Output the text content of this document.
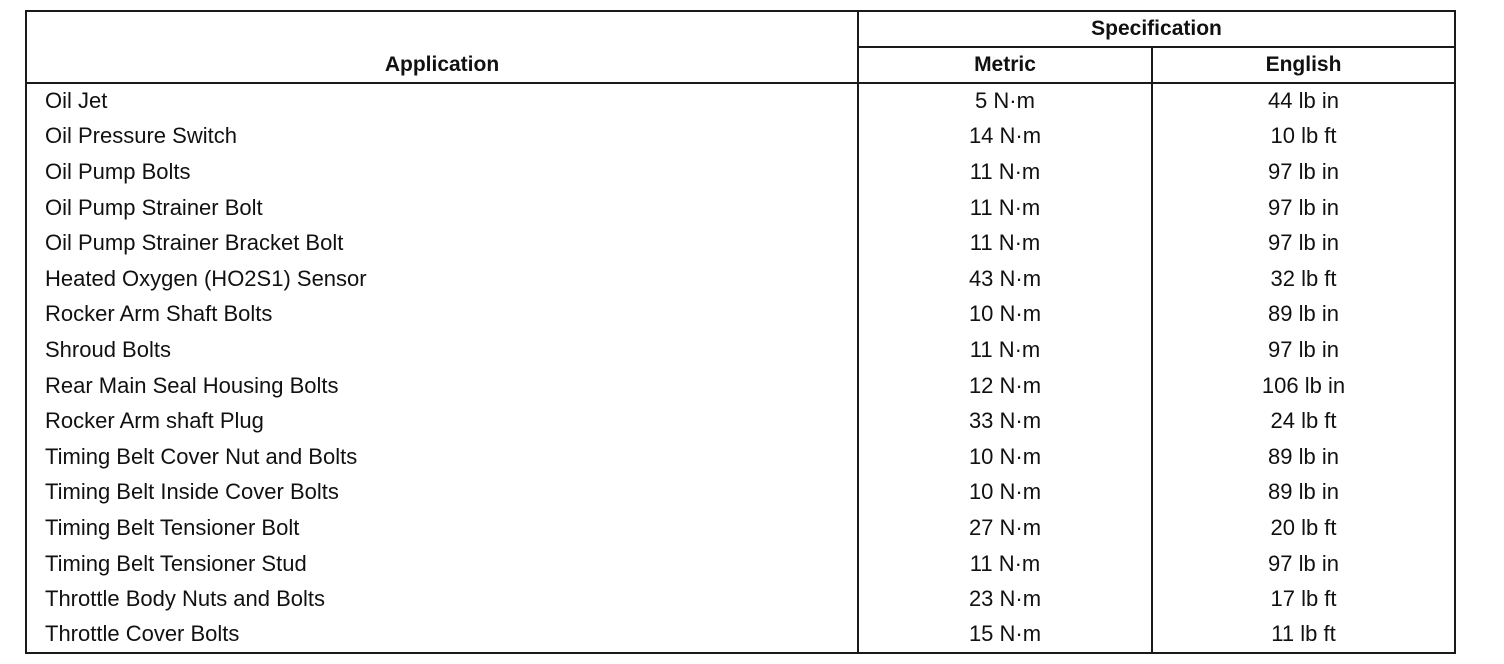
Application	Specification	
	Metric	English
Oil Jet	5 N·m	44 lb in
Oil Pressure Switch	14 N·m	10 lb ft
Oil Pump Bolts	11 N·m	97 lb in
Oil Pump Strainer Bolt	11 N·m	97 lb in
Oil Pump Strainer Bracket Bolt	11 N·m	97 lb in
Heated Oxygen (HO2S1) Sensor	43 N·m	32 lb ft
Rocker Arm Shaft Bolts	10 N·m	89 lb in
Shroud Bolts	11 N·m	97 lb in
Rear Main Seal Housing Bolts	12 N·m	106 lb in
Rocker Arm shaft Plug	33 N·m	24 lb ft
Timing Belt Cover Nut and Bolts	10 N·m	89 lb in
Timing Belt Inside Cover Bolts	10 N·m	89 lb in
Timing Belt Tensioner Bolt	27 N·m	20 lb ft
Timing Belt Tensioner Stud	11 N·m	97 lb in
Throttle Body Nuts and Bolts	23 N·m	17 lb ft
Throttle Cover Bolts	15 N·m	11 lb ft
